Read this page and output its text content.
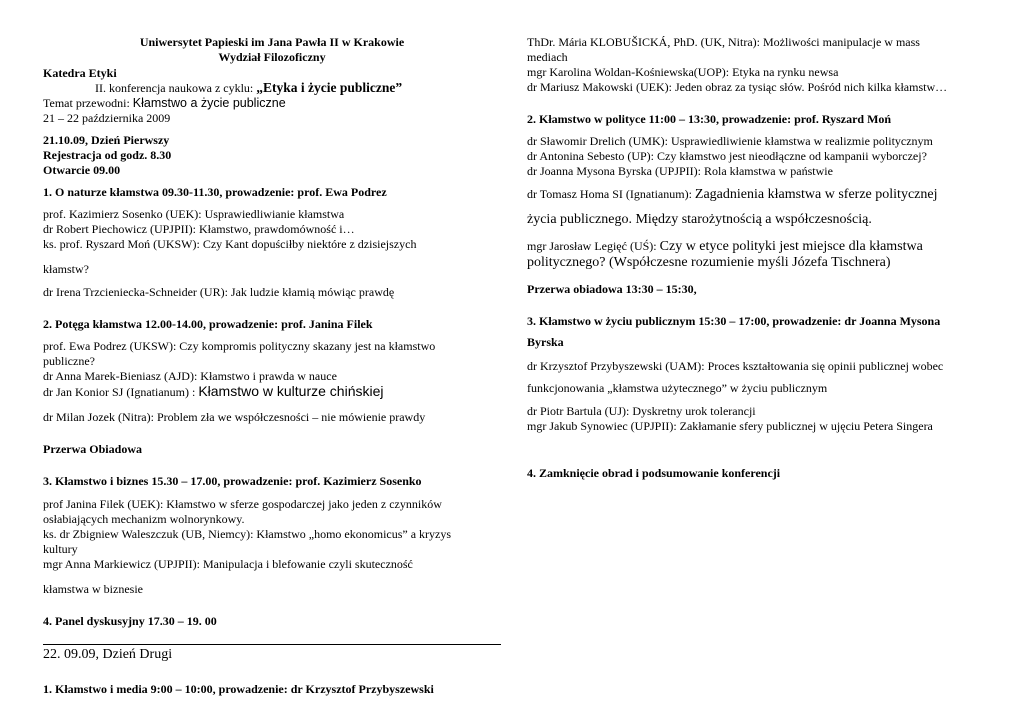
Uniwersytet Papieski im Jana Pawła II w Krakowie
Wydział Filozoficzny
Katedra Etyki
II. konferencja naukowa z cyklu: „Etyka i życie publiczne”
Temat przewodni: Kłamstwo a życie publiczne
21 – 22 października 2009
21.10.09, Dzień Pierwszy
Rejestracja od godz. 8.30
Otwarcie 09.00
1. O naturze kłamstwa 09.30-11.30, prowadzenie: prof. Ewa Podrez
prof. Kazimierz Sosenko (UEK): Usprawiedliwianie kłamstwa
dr Robert Piechowicz (UPJPII): Kłamstwo, prawdomówność i…
ks. prof. Ryszard Moń (UKSW): Czy Kant dopuściłby niektóre z dzisiejszych
kłamstw?
dr Irena Trzcieniecka-Schneider (UR): Jak ludzie kłamią mówiąc prawdę
2. Potęga kłamstwa 12.00-14.00, prowadzenie: prof. Janina Filek
prof. Ewa Podrez (UKSW): Czy kompromis polityczny skazany jest na kłamstwo
publiczne?
dr Anna Marek-Bieniasz (AJD): Kłamstwo i prawda w nauce
dr Jan Konior SJ (Ignatianum) : Kłamstwo w kulturze chińskiej
dr Milan Jozek (Nitra): Problem zła we współczesności – nie mówienie prawdy
Przerwa Obiadowa
3. Kłamstwo i biznes 15.30 – 17.00, prowadzenie: prof. Kazimierz Sosenko
prof Janina Filek (UEK): Kłamstwo w sferze gospodarczej jako jeden z czynników
osłabiających mechanizm wolnorynkowy.
ks. dr Zbigniew Waleszczuk (UB, Niemcy): Kłamstwo „homo ekonomicus” a kryzys
kultury
mgr Anna Markiewicz (UPJPII): Manipulacja i blefowanie czyli skuteczność
kłamstwa w biznesie
4. Panel dyskusyjny 17.30 – 19. 00
22. 09.09, Dzień Drugi
1. Kłamstwo i media 9:00 – 10:00, prowadzenie: dr Krzysztof Przybyszewski
ThDr. Mária KLOBUŠICKÁ, PhD. (UK, Nitra): Możliwości manipulacje w mass
mediach
mgr Karolina Woldan-Kośniewska(UOP): Etyka na rynku newsa
dr Mariusz Makowski (UEK): Jeden obraz za tysiąc słów. Pośród nich kilka kłamstw…
2. Kłamstwo w polityce 11:00 – 13:30, prowadzenie: prof. Ryszard Moń
dr Sławomir Drelich (UMK): Usprawiedliwienie kłamstwa w realizmie politycznym
dr Antonina Sebesto (UP): Czy kłamstwo jest nieodłączne od kampanii wyborczej?
dr Joanna Mysona Byrska (UPJPII): Rola kłamstwa w państwie
dr Tomasz Homa SI (Ignatianum): Zagadnienia kłamstwa w sferze politycznej
życia publicznego. Między starożytnością a współczesnością.
mgr Jarosław Legięć (UŚ): Czy w etyce polityki jest miejsce dla kłamstwa
politycznego? (Współczesne rozumienie myśli Józefa Tischnera)
Przerwa obiadowa 13:30 – 15:30,
3. Kłamstwo w życiu publicznym 15:30 – 17:00, prowadzenie: dr Joanna Mysona
Byrska
dr Krzysztof Przybyszewski (UAM): Proces kształtowania się opinii publicznej wobec
funkcjonowania „kłamstwa użytecznego” w życiu publicznym
dr Piotr Bartula (UJ): Dyskretny urok tolerancji
mgr Jakub Synowiec (UPJPII): Zakłamanie sfery publicznej w ujęciu Petera Singera
4. Zamknięcie obrad i podsumowanie konferencji
